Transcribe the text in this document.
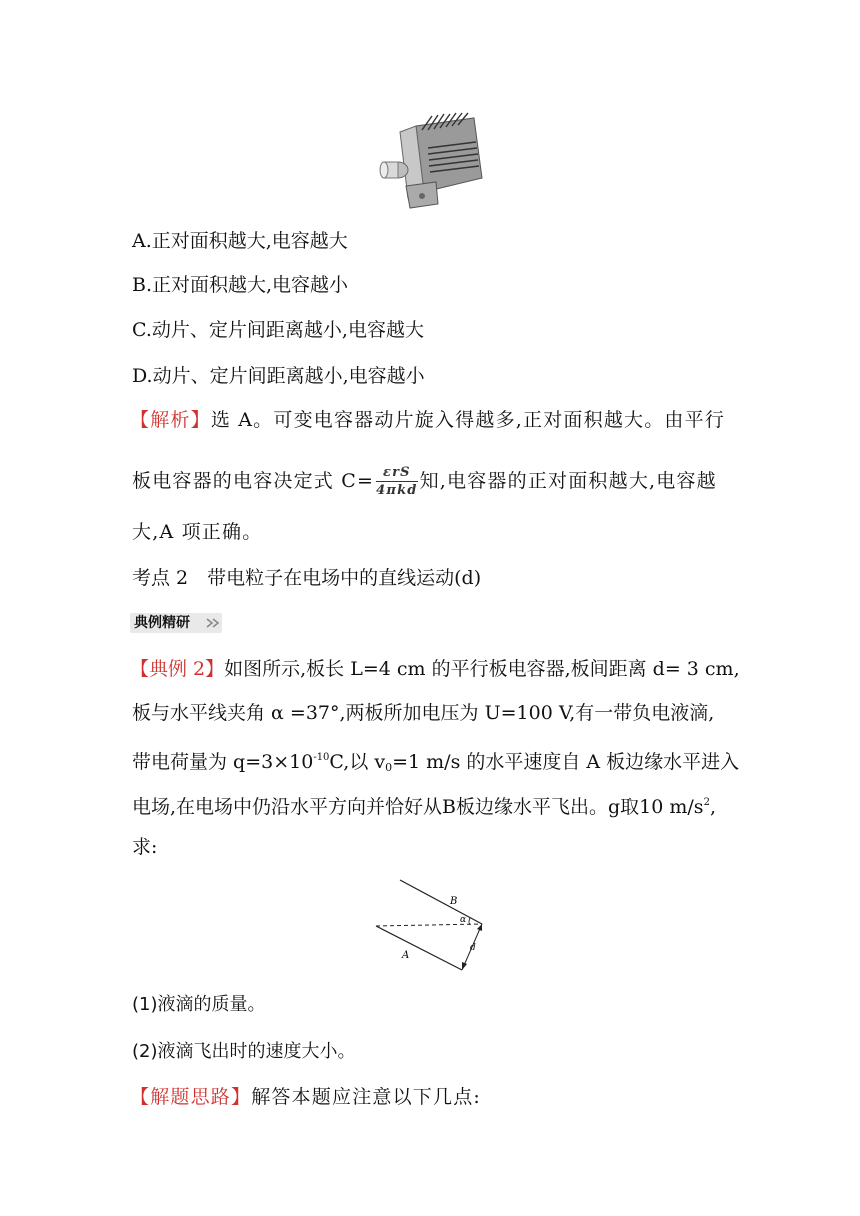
A.正对面积越大,电容越大
B.正对面积越大,电容越小
C.动片、定片间距离越小,电容越大
D.动片、定片间距离越小,电容越小
【解析】选 A。可变电容器动片旋入得越多,正对面积越大。由平行
板电容器的电容决定式 $C= \frac{\text{εrS}}{\text{4πkd}}$ 知,电容器的正对面积越大,电容越
大,A 项正确。
考点 2　带电粒子在电场中的直线运动(d)
典例精研
【典例 2】如图所示,板长 L=4 cm 的平行板电容器,板间距离 d= 3 cm,
板与水平线夹角 α =37°,两板所加电压为 U=100 V,有一带负电液滴,
带电荷量为 $q=3\times 10^{-10}C$,以 $v_0=1$ m/s 的水平速度自 A 板边缘水平进入
电场,在电场中仍沿水平方向并恰好从B板边缘水平飞出。g取10 $m/s^2$,
求:
B
α
d
A
(1)液滴的质量。
(2)液滴飞出时的速度大小。
【解题思路】解答本题应注意以下几点:
